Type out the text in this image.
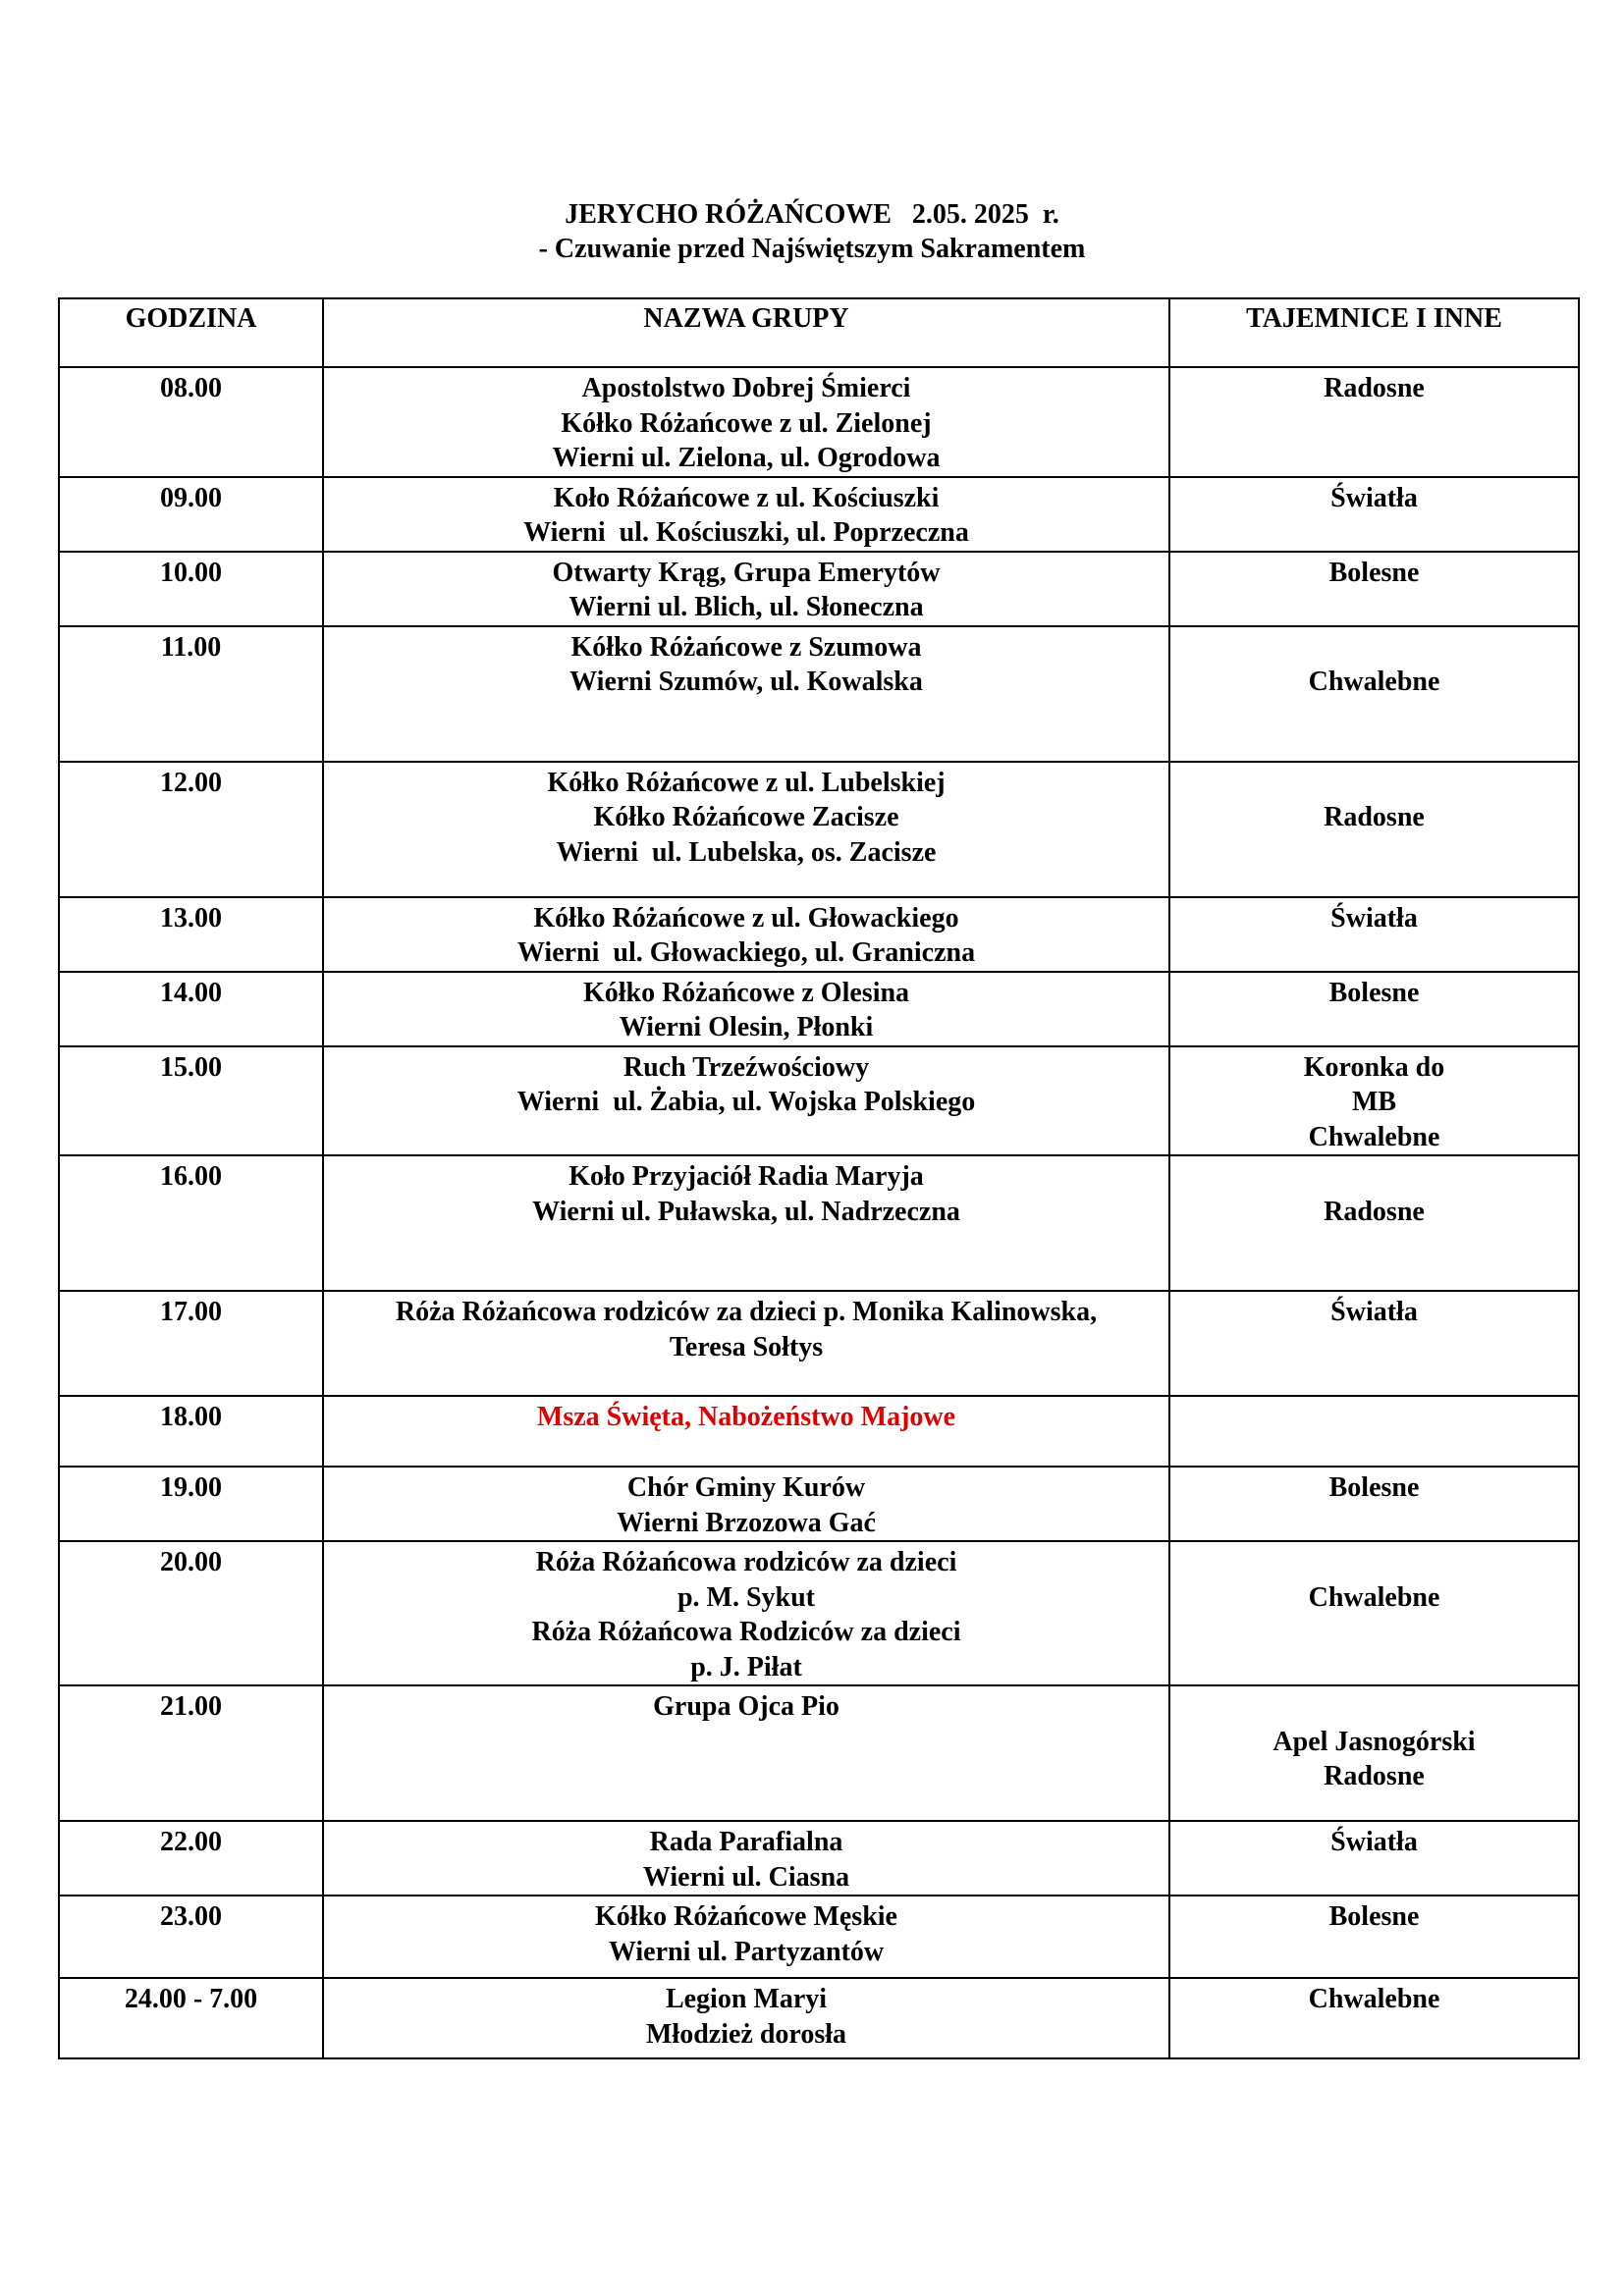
JERYCHO RÓŻAŃCOWE   2.05. 2025  r.
- Czuwanie przed Najświętszym Sakramentem
GODZINA	NAZWA GRUPY	TAJEMNICE I INNE
08.00	Apostolstwo Dobrej Śmierci
Kółko Różańcowe z ul. Zielonej
Wierni ul. Zielona, ul. Ogrodowa	Radosne

09.00	Koło Różańcowe z ul. Kościuszki
Wierni  ul. Kościuszki, ul. Poprzeczna	Światła

10.00	Otwarty Krąg, Grupa Emerytów
Wierni ul. Blich, ul. Słoneczna	Bolesne

11.00	Kółko Różańcowe z Szumowa
Wierni Szumów, ul. Kowalska	Chwalebne

12.00	Kółko Różańcowe z ul. Lubelskiej
Kółko Różańcowe Zacisze
Wierni  ul. Lubelska, os. Zacisze	Radosne

13.00	Kółko Różańcowe z ul. Głowackiego
Wierni  ul. Głowackiego, ul. Graniczna	Światła

14.00	Kółko Różańcowe z Olesina
Wierni Olesin, Płonki	Bolesne

15.00	Ruch Trzeźwościowy
Wierni  ul. Żabia, ul. Wojska Polskiego	Koronka do
MB
Chwalebne

16.00	Koło Przyjaciół Radia Maryja
Wierni ul. Puławska, ul. Nadrzeczna	Radosne

17.00	Róża Różańcowa rodziców za dzieci p. Monika Kalinowska,
Teresa Sołtys	Światła

18.00	Msza Święta, Nabożeństwo Majowe	

19.00	Chór Gminy Kurów
Wierni Brzozowa Gać	Bolesne

20.00	Róża Różańcowa rodziców za dzieci
p. M. Sykut
Róża Różańcowa Rodziców za dzieci
p. J. Piłat	Chwalebne

21.00	Grupa Ojca Pio	Apel Jasnogórski
Radosne

22.00	Rada Parafialna
Wierni ul. Ciasna	Światła

23.00	Kółko Różańcowe Męskie
Wierni ul. Partyzantów	Bolesne

24.00 - 7.00	Legion Maryi
Młodzież dorosła	Chwalebne
